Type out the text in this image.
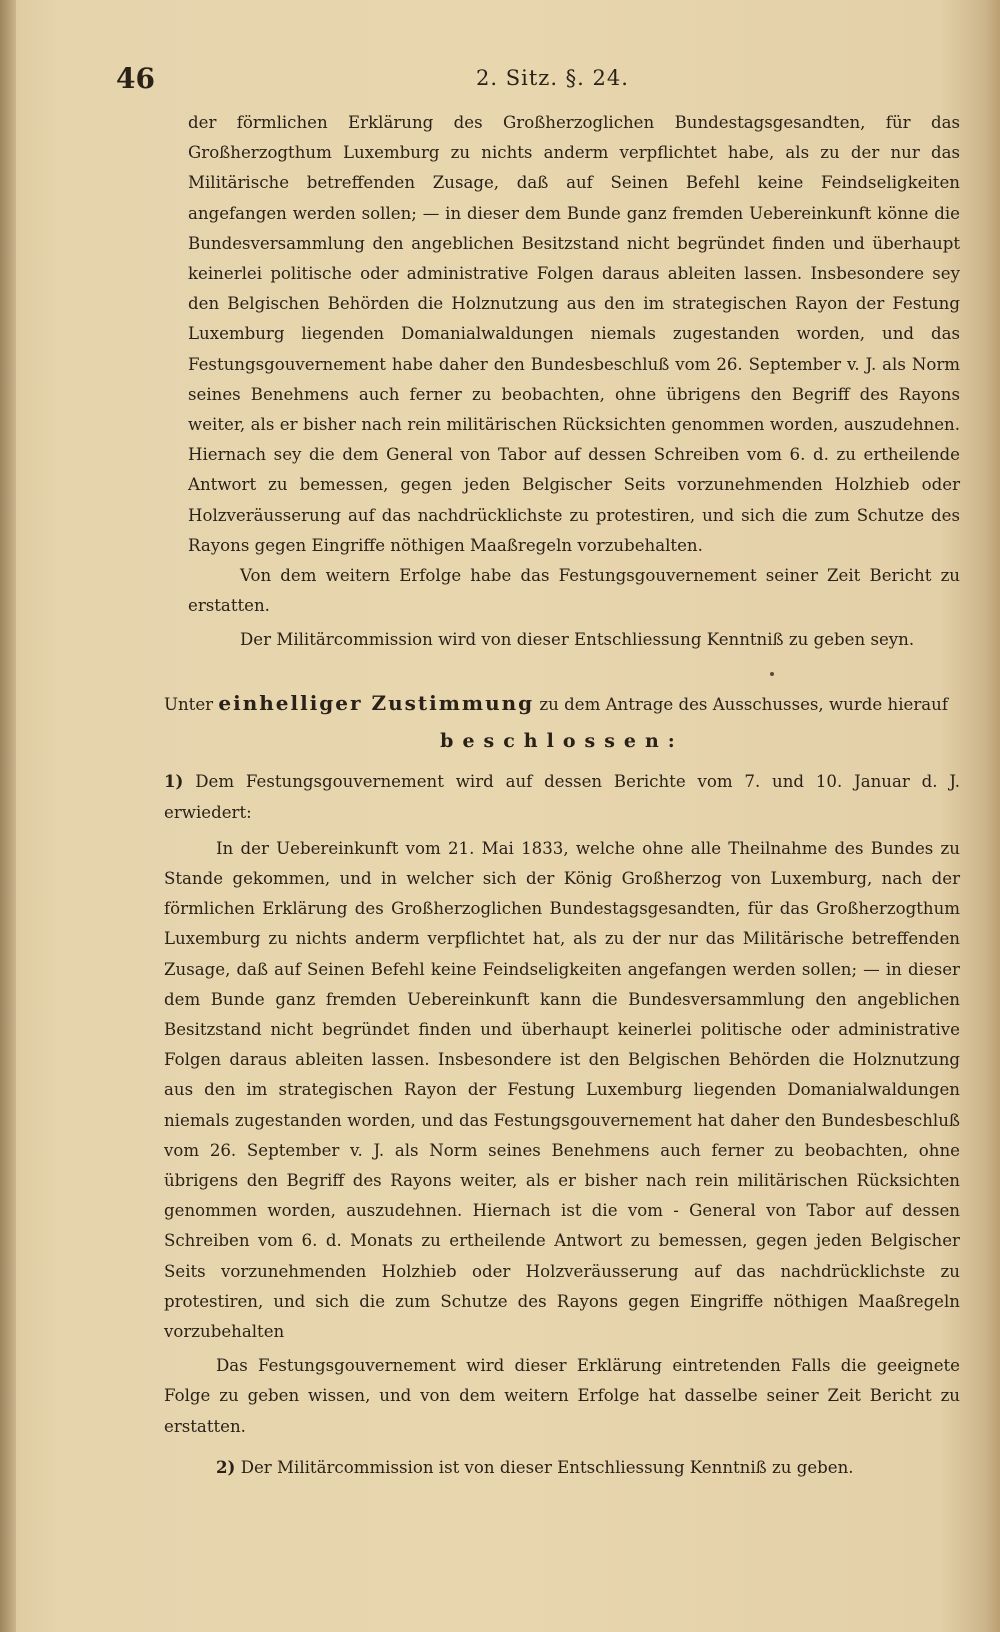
46	2. Sitz. §. 24.

der förmlichen Erklärung des Großherzoglichen Bundestagsgesandten, für das Großherzogthum Luxemburg zu nichts anderm verpflichtet habe, als zu der nur das Militärische betreffenden Zusage, daß auf Seinen Befehl keine Feindseligkeiten angefangen werden sollen; — in dieser dem Bunde ganz fremden Uebereinkunft könne die Bundesversammlung den angeblichen Besitzstand nicht begründet finden und überhaupt keinerlei politische oder administrative Folgen daraus ableiten lassen. Insbesondere sey den Belgischen Behörden die Holznutzung aus den im strategischen Rayon der Festung Luxemburg liegenden Domanialwaldungen niemals zugestanden worden, und das Festungsgouvernement habe daher den Bundesbeschluß vom 26. September v. J. als Norm seines Benehmens auch ferner zu beobachten, ohne übrigens den Begriff des Rayons weiter, als er bisher nach rein militärischen Rücksichten genommen worden, auszudehnen. Hiernach sey die dem General von Tabor auf dessen Schreiben vom 6. d. zu ertheilende Antwort zu bemessen, gegen jeden Belgischer Seits vorzunehmenden Holzhieb oder Holzveräusserung auf das nachdrücklichste zu protestiren, und sich die zum Schutze des Rayons gegen Eingriffe nöthigen Maaßregeln vorzubehalten.

Von dem weitern Erfolge habe das Festungsgouvernement seiner Zeit Bericht zu erstatten.

Der Militärcommission wird von dieser Entschliessung Kenntniß zu geben seyn.

Unter einhelliger Zustimmung zu dem Antrage des Ausschusses, wurde hierauf

beschlossen:

1) Dem Festungsgouvernement wird auf dessen Berichte vom 7. und 10. Januar d. J. erwiedert:

In der Uebereinkunft vom 21. Mai 1833, welche ohne alle Theilnahme des Bundes zu Stande gekommen, und in welcher sich der König Großherzog von Luxemburg, nach der förmlichen Erklärung des Großherzoglichen Bundestagsgesandten, für das Großherzogthum Luxemburg zu nichts anderm verpflichtet hat, als zu der nur das Militärische betreffenden Zusage, daß auf Seinen Befehl keine Feindseligkeiten angefangen werden sollen; — in dieser dem Bunde ganz fremden Uebereinkunft kann die Bundesversammlung den angeblichen Besitzstand nicht begründet finden und überhaupt keinerlei politische oder administrative Folgen daraus ableiten lassen. Insbesondere ist den Belgischen Behörden die Holznutzung aus den im strategischen Rayon der Festung Luxemburg liegenden Domanialwaldungen niemals zugestanden worden, und das Festungsgouvernement hat daher den Bundesbeschluß vom 26. September v. J. als Norm seines Benehmens auch ferner zu beobachten, ohne übrigens den Begriff des Rayons weiter, als er bisher nach rein militärischen Rücksichten genommen worden, auszudehnen. Hiernach ist die vom - General von Tabor auf dessen Schreiben vom 6. d. Monats zu ertheilende Antwort zu bemessen, gegen jeden Belgischer Seits vorzunehmenden Holzhieb oder Holzveräusserung auf das nachdrücklichste zu protestiren, und sich die zum Schutze des Rayons gegen Eingriffe nöthigen Maaßregeln vorzubehalten

Das Festungsgouvernement wird dieser Erklärung eintretenden Falls die geeignete Folge zu geben wissen, und von dem weitern Erfolge hat dasselbe seiner Zeit Bericht zu erstatten.

2) Der Militärcommission ist von dieser Entschliessung Kenntniß zu geben.
